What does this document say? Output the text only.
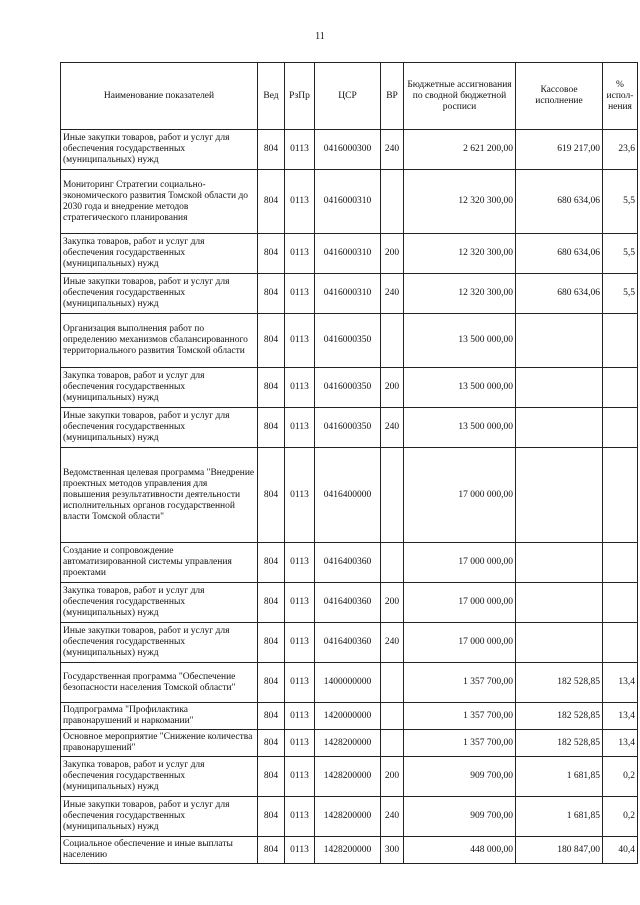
11
Наименование показателей	Вед	РзПр	ЦСР	ВР	Бюджетные ассигнования по сводной бюджетной росписи	Кассовое исполнение	% испол-нения
Иные закупки товаров, работ и услуг для обеспечения государственных (муниципальных) нужд	804	0113	0416000300	240	2 621 200,00	619 217,00	23,6
Мониторинг Стратегии социально-экономического развития Томской области до 2030 года и внедрение методов стратегического планирования	804	0113	0416000310		12 320 300,00	680 634,06	5,5
Закупка товаров, работ и услуг для обеспечения государственных (муниципальных) нужд	804	0113	0416000310	200	12 320 300,00	680 634,06	5,5
Иные закупки товаров, работ и услуг для обеспечения государственных (муниципальных) нужд	804	0113	0416000310	240	12 320 300,00	680 634,06	5,5
Организация выполнения работ по определению механизмов сбалансированного территориального развития Томской области	804	0113	0416000350		13 500 000,00		
Закупка товаров, работ и услуг для обеспечения государственных (муниципальных) нужд	804	0113	0416000350	200	13 500 000,00		
Иные закупки товаров, работ и услуг для обеспечения государственных (муниципальных) нужд	804	0113	0416000350	240	13 500 000,00		
Ведомственная целевая программа "Внедрение проектных методов управления для повышения результативности деятельности исполнительных органов государственной власти Томской области"	804	0113	0416400000		17 000 000,00		
Создание и сопровождение автоматизированной системы управления проектами	804	0113	0416400360		17 000 000,00		
Закупка товаров, работ и услуг для обеспечения государственных (муниципальных) нужд	804	0113	0416400360	200	17 000 000,00		
Иные закупки товаров, работ и услуг для обеспечения государственных (муниципальных) нужд	804	0113	0416400360	240	17 000 000,00		
Государственная программа "Обеспечение безопасности населения Томской области"	804	0113	1400000000		1 357 700,00	182 528,85	13,4
Подпрограмма "Профилактика правонарушений и наркомании"	804	0113	1420000000		1 357 700,00	182 528,85	13,4
Основное мероприятие "Снижение количества правонарушений"	804	0113	1428200000		1 357 700,00	182 528,85	13,4
Закупка товаров, работ и услуг для обеспечения государственных (муниципальных) нужд	804	0113	1428200000	200	909 700,00	1 681,85	0,2
Иные закупки товаров, работ и услуг для обеспечения государственных (муниципальных) нужд	804	0113	1428200000	240	909 700,00	1 681,85	0,2
Социальное обеспечение и иные выплаты населению	804	0113	1428200000	300	448 000,00	180 847,00	40,4
